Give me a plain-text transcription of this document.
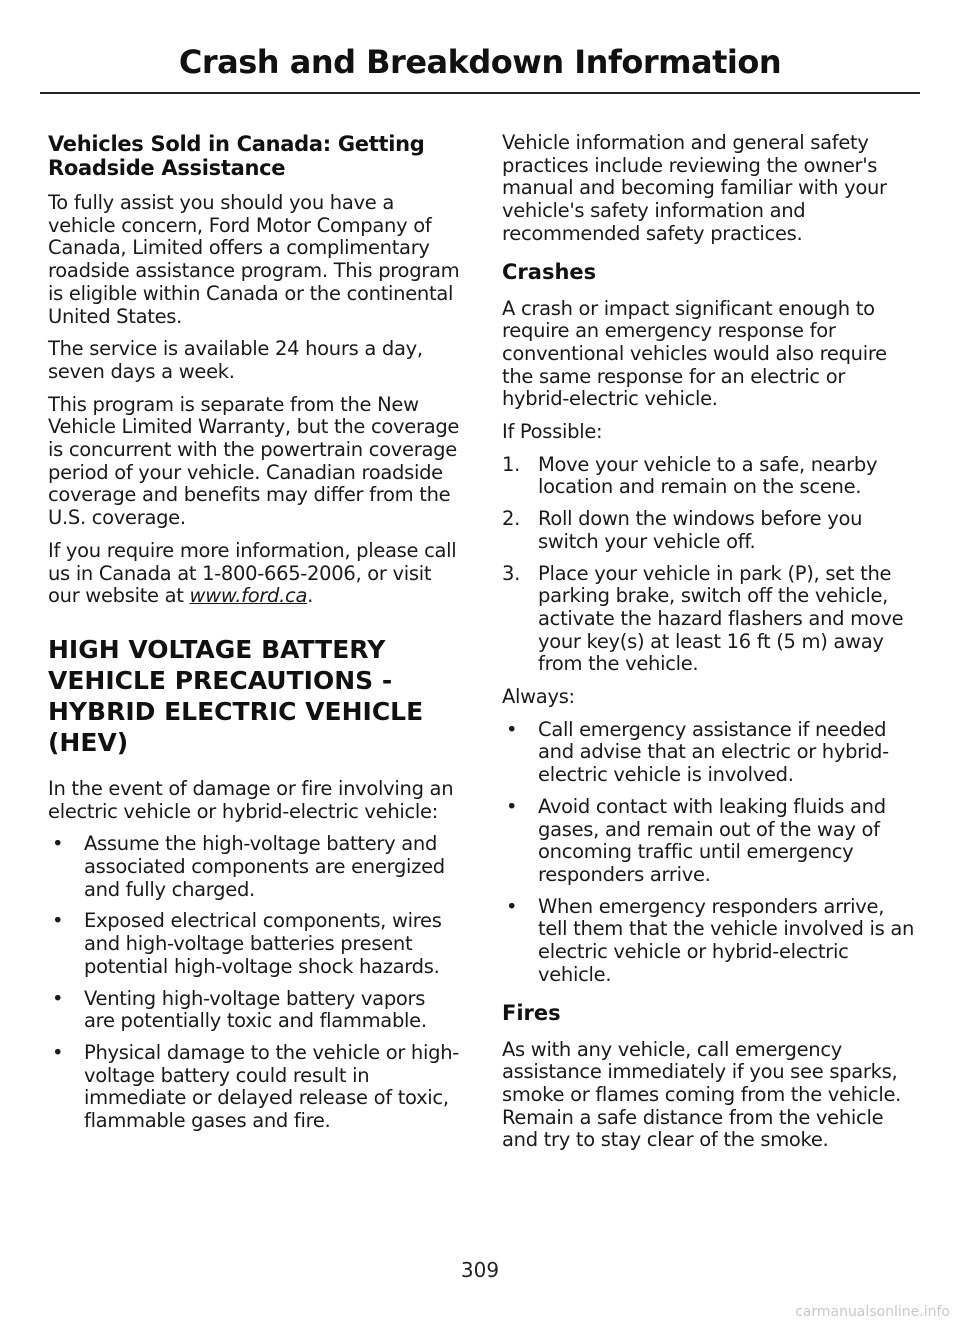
Crash and Breakdown Information
Vehicles Sold in Canada: Getting
Roadside Assistance

To fully assist you should you have a vehicle concern, Ford Motor Company of Canada, Limited offers a complimentary roadside assistance program. This program is eligible within Canada or the continental United States.

The service is available 24 hours a day, seven days a week.

This program is separate from the New Vehicle Limited Warranty, but the coverage is concurrent with the powertrain coverage period of your vehicle. Canadian roadside coverage and benefits may differ from the U.S. coverage.

If you require more information, please call us in Canada at 1-800-665-2006, or visit our website at www.ford.ca.

HIGH VOLTAGE BATTERY
VEHICLE PRECAUTIONS -
HYBRID ELECTRIC VEHICLE
(HEV)

In the event of damage or fire involving an electric vehicle or hybrid-electric vehicle:

• Assume the high-voltage battery and associated components are energized and fully charged.
• Exposed electrical components, wires and high-voltage batteries present potential high-voltage shock hazards.
• Venting high-voltage battery vapors are potentially toxic and flammable.
• Physical damage to the vehicle or high-voltage battery could result in immediate or delayed release of toxic, flammable gases and fire.

Vehicle information and general safety practices include reviewing the owner's manual and becoming familiar with your vehicle's safety information and recommended safety practices.

Crashes

A crash or impact significant enough to require an emergency response for conventional vehicles would also require the same response for an electric or hybrid-electric vehicle.

If Possible:

1. Move your vehicle to a safe, nearby location and remain on the scene.
2. Roll down the windows before you switch your vehicle off.
3. Place your vehicle in park (P), set the parking brake, switch off the vehicle, activate the hazard flashers and move your key(s) at least 16 ft (5 m) away from the vehicle.

Always:

• Call emergency assistance if needed and advise that an electric or hybrid-electric vehicle is involved.
• Avoid contact with leaking fluids and gases, and remain out of the way of oncoming traffic until emergency responders arrive.
• When emergency responders arrive, tell them that the vehicle involved is an electric vehicle or hybrid-electric vehicle.
Fires

As with any vehicle, call emergency assistance immediately if you see sparks, smoke or flames coming from the vehicle. Remain a safe distance from the vehicle and try to stay clear of the smoke.

309
carmanualsonline.info
